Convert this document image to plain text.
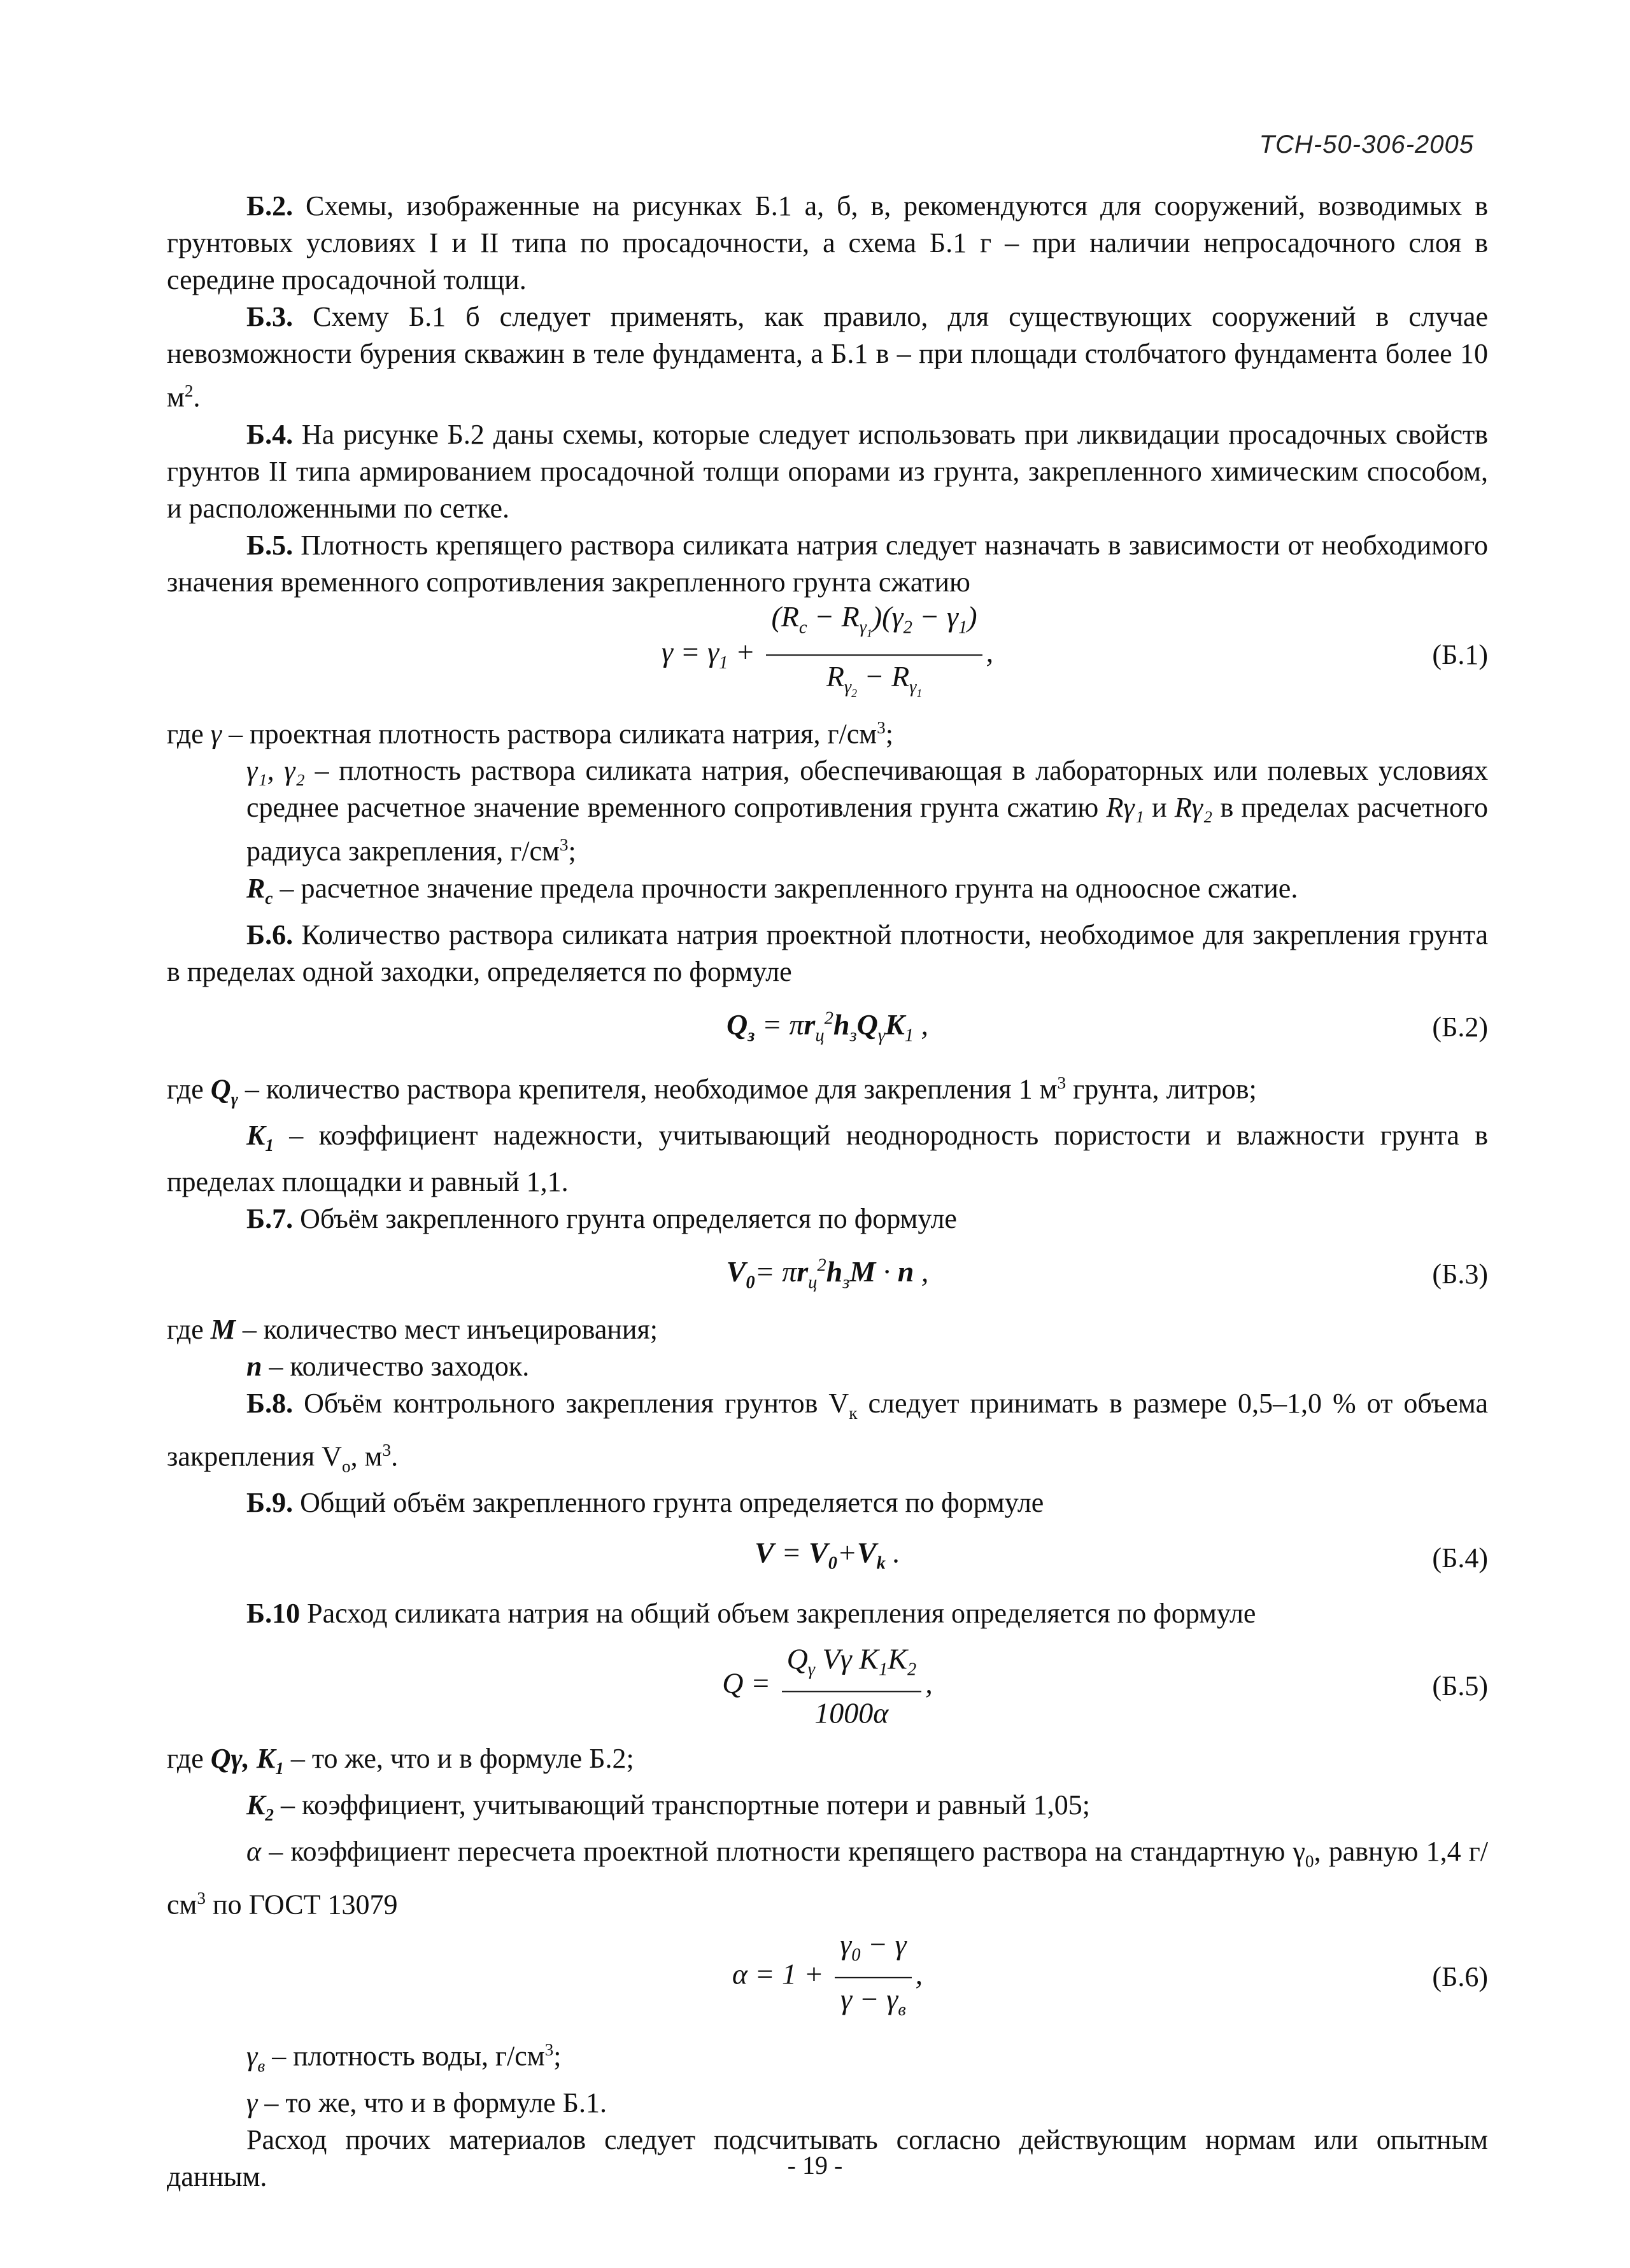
ТСН-50-306-2005

Б.2. Схемы, изображенные на рисунках Б.1 а, б, в, рекомендуются для сооружений, возводимых в грунтовых условиях I и II типа по просадочности, а схема Б.1 г – при наличии непросадочного слоя в середине просадочной толщи.

Б.3. Схему Б.1 б следует применять, как правило, для существующих сооружений в случае невозможности бурения скважин в теле фундамента, а Б.1 в – при площади столбчатого фундамента более 10 $м^2$.

Б.4. На рисунке Б.2 даны схемы, которые следует использовать при ликвидации просадочных свойств грунтов II типа армированием просадочной толщи опорами из грунта, закрепленного химическим способом, и расположенными по сетке.

Б.5. Плотность крепящего раствора силиката натрия следует назначать в зависимости от необходимого значения временного сопротивления закрепленного грунта сжатию

$\gamma = \gamma_1 + \frac{(R_c - R_{\gamma_1})(\gamma_2 - \gamma_1)}{R_{\gamma_2} - R_{\gamma_1}}$ ,	(Б.1)

где γ – проектная плотность раствора силиката натрия, $г/см^3$;

γ₁, γ₂ – плотность раствора силиката натрия, обеспечивающая в лабораторных или полевых условиях среднее расчетное значение временного сопротивления грунта сжатию Rγ₁ и Rγ₂ в пределах расчетного радиуса закрепления, $г/см^3$;

$R_c$ – расчетное значение предела прочности закрепленного грунта на одноосное сжатие.

Б.6. Количество раствора силиката натрия проектной плотности, необходимое для закрепления грунта в пределах одной заходки, определяется по формуле

$Q_з = \pi r_ц^2h_зQ_\gamma K_1$ ,	(Б.2)

где $Q_\gamma$ – количество раствора крепителя, необходимое для закрепления 1 $м^3$ грунта, литров;

$K_1$ – коэффициент надежности, учитывающий неоднородность пористости и влажности грунта в пределах площадки и равный 1,1.

Б.7. Объём закрепленного грунта определяется по формуле

$V_0= \pi r_ц^2h_зM \cdot n$ ,	(Б.3)

где M – количество мест инъецирования;

n – количество заходок.

Б.8. Объём контрольного закрепления грунтов $V_к$ следует принимать в размере 0,5–1,0 % от объема закрепления $V_о$, $м^3$.

Б.9. Общий объём закрепленного грунта определяется по формуле

$V = V_0+V_k$ .	(Б.4)

Б.10 Расход силиката натрия на общий объем закрепления определяется по формуле

$Q = \frac{Q_\gamma V\gamma K_1K_2}{1000\alpha}$ ,	(Б.5)

где Qγ, $K_1$ – то же, что и в формуле Б.2;

$K_2$ – коэффициент, учитывающий транспортные потери и равный 1,05;

α – коэффициент пересчета проектной плотности крепящего раствора на стандартную $\gamma_0$, равную 1,4 $г/см^3$ по ГОСТ 13079

$\alpha = 1 + \frac{\gamma_0 - \gamma}{\gamma - \gamma_в}$ ,	(Б.6)

$\gamma_в$ – плотность воды, $г/см^3$;

γ – то же, что и в формуле Б.1.

Расход прочих материалов следует подсчитывать согласно действующим нормам или опытным данным.	- 19 -
